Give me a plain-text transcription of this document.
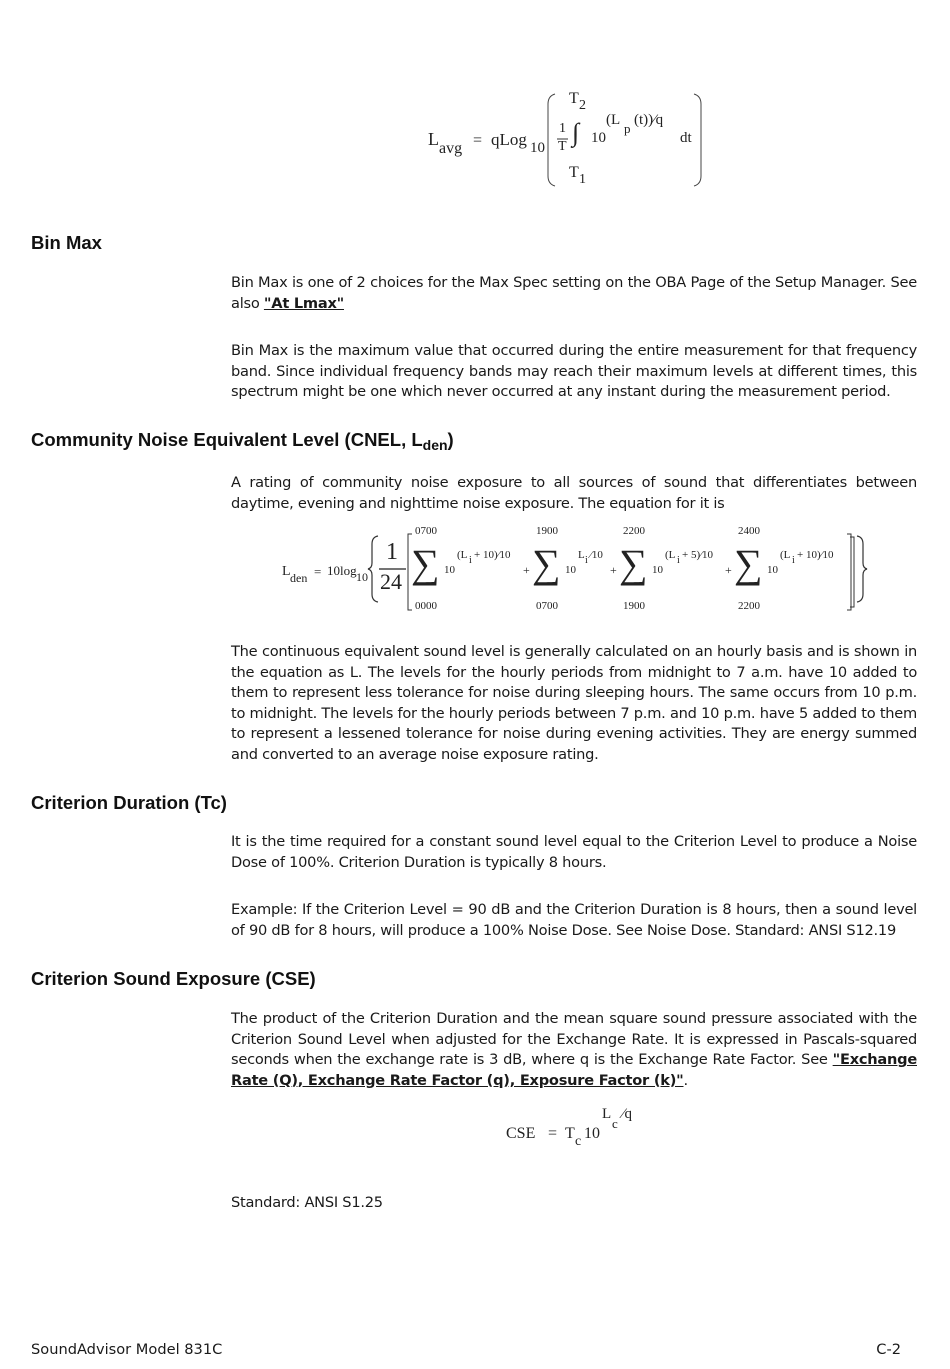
L avg = qLog 10
1
T ∫
T 2
T 1
10
(L
p
(t))⁄q
dt
Bin Max

Bin Max is one of 2 choices for the Max Spec setting on the OBA Page of the Setup Manager. See also "At Lmax"

Bin Max is the maximum value that occurred during the entire measurement for that frequency band. Since individual frequency bands may reach their maximum levels at different times, this spectrum might be one which never occurred at any instant during the measurement period.

Community Noise Equivalent Level (CNEL, $L_{den}$)

A rating of community noise exposure to all sources of sound that differentiates between daytime, evening and nighttime noise exposure. The equation for it is

L den = 10log 10
1
24
0700
∑
0000
10
(L i + 10)⁄10
+
1900
∑
0700
10
L i ⁄10
+
2200
∑
1900
10
(L i + 5)⁄10
+
2400
∑
2200
10
(L i + 10)⁄10

The continuous equivalent sound level is generally calculated on an hourly basis and is shown in the equation as L. The levels for the hourly periods from midnight to 7 a.m. have 10 added to them to represent less tolerance for noise during sleeping hours. The same occurs from 10 p.m. to midnight. The levels for the hourly periods between 7 p.m. and 10 p.m. have 5 added to them to represent a lessened tolerance for noise during evening activities. They are energy summed and converted to an average noise exposure rating.

Criterion Duration (Tc)

It is the time required for a constant sound level equal to the Criterion Level to produce a Noise Dose of 100%. Criterion Duration is typically 8 hours.

Example: If the Criterion Level = 90 dB and the Criterion Duration is 8 hours, then a sound level of 90 dB for 8 hours, will produce a 100% Noise Dose. See Noise Dose. Standard: ANSI S12.19

Criterion Sound Exposure (CSE)

The product of the Criterion Duration and the mean square sound pressure associated with the Criterion Sound Level when adjusted for the Exchange Rate. It is expressed in Pascals-squared seconds when the exchange rate is 3 dB, where q is the Exchange Rate Factor. See "Exchange Rate (Q), Exchange Rate Factor (q), Exposure Factor (k)".

CSE = T c 10
L
c
⁄q

Standard: ANSI S1.25

SoundAdvisor Model 831C	C-2
